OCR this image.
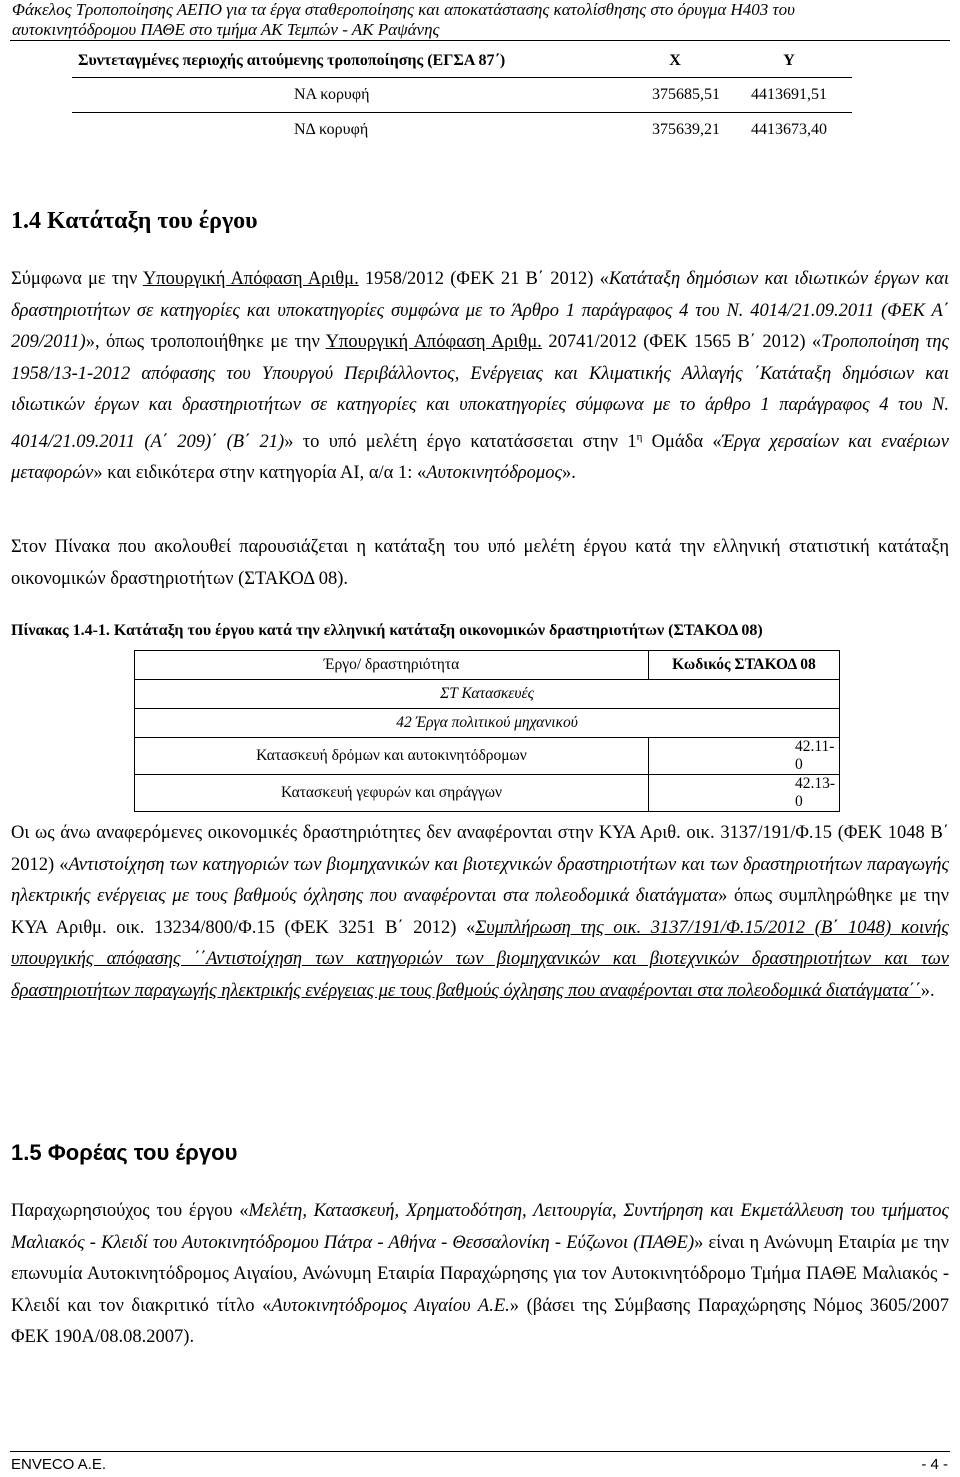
Φάκελος Τροποποίησης ΑΕΠΟ για τα έργα σταθεροποίησης και αποκατάστασης κατολίσθησης στο όρυγμα Η403 του
αυτοκινητόδρομου ΠΑΘΕ στο τμήμα ΑΚ Τεμπών - ΑΚ Ραψάνης
Συντεταγμένες περιοχής αιτούμενης τροποποίησης (ΕΓΣΑ 87΄)	X	Y
ΝΑ κορυφή	375685,51	4413691,51
ΝΔ κορυφή	375639,21	4413673,40
1.4 Κατάταξη του έργου
Σύμφωνα με την Υπουργική Απόφαση Αριθμ. 1958/2012 (ΦΕΚ 21 Β΄ 2012) «Κατάταξη δημόσιων και ιδιωτικών έργων και δραστηριοτήτων σε κατηγορίες και υποκατηγορίες συμφώνα με το Άρθρο 1 παράγραφος 4 του Ν. 4014/21.09.2011 (ΦΕΚ Α΄ 209/2011)», όπως τροποποιήθηκε με την Υπουργική Απόφαση Αριθμ. 20741/2012 (ΦΕΚ 1565 Β΄ 2012) «Τροποποίηση της 1958/13-1-2012 απόφασης του Υπουργού Περιβάλλοντος, Ενέργειας και Κλιματικής Αλλαγής ΄Κατάταξη δημόσιων και ιδιωτικών έργων και δραστηριοτήτων σε κατηγορίες και υποκατηγορίες σύμφωνα με το άρθρο 1 παράγραφος 4 του Ν. 4014/21.09.2011 (Α΄ 209)΄ (Β΄ 21)» το υπό μελέτη έργο κατατάσσεται στην $1^\eta$ Ομάδα «Έργα χερσαίων και εναέριων μεταφορών» και ειδικότερα στην κατηγορία ΑΙ, α/α 1: «Αυτοκινητόδρομος».
Στον Πίνακα που ακολουθεί παρουσιάζεται η κατάταξη του υπό μελέτη έργου κατά την ελληνική στατιστική κατάταξη οικονομικών δραστηριοτήτων (ΣΤΑΚΟΔ 08).
Πίνακας 1.4-1. Κατάταξη του έργου κατά την ελληνική κατάταξη οικονομικών δραστηριοτήτων (ΣΤΑΚΟΔ 08)
Έργο/ δραστηριότητα	Κωδικός ΣΤΑΚΟΔ 08
ΣΤ Κατασκευές	
42 Έργα πολιτικού μηχανικού	
Κατασκευή δρόμων και αυτοκινητόδρομων	42.11-0
Κατασκευή γεφυρών και σηράγγων	42.13-0
Οι ως άνω αναφερόμενες οικονομικές δραστηριότητες δεν αναφέρονται στην ΚΥΑ Αριθ. οικ. 3137/191/Φ.15 (ΦΕΚ 1048 Β΄ 2012) «Αντιστοίχηση των κατηγοριών των βιομηχανικών και βιοτεχνικών δραστηριοτήτων και των δραστηριοτήτων παραγωγής ηλεκτρικής ενέργειας με τους βαθμούς όχλησης που αναφέρονται στα πολεοδομικά διατάγματα» όπως συμπληρώθηκε με την ΚΥΑ Αριθμ. οικ. 13234/800/Φ.15 (ΦΕΚ 3251 Β΄ 2012) «Συμπλήρωση της οικ. 3137/191/Φ.15/2012 (Β΄ 1048) κοινής υπουργικής απόφασης ΄΄Αντιστοίχηση των κατηγοριών των βιομηχανικών και βιοτεχνικών δραστηριοτήτων και των δραστηριοτήτων παραγωγής ηλεκτρικής ενέργειας με τους βαθμούς όχλησης που αναφέρονται στα πολεοδομικά διατάγματα΄΄».
1.5 Φορέας του έργου
Παραχωρησιούχος του έργου «Μελέτη, Κατασκευή, Χρηματοδότηση, Λειτουργία, Συντήρηση και Εκμετάλλευση του τμήματος Μαλιακός - Κλειδί του Αυτοκινητόδρομου Πάτρα - Αθήνα - Θεσσαλονίκη - Εύζωνοι (ΠΑΘΕ)» είναι η Ανώνυμη Εταιρία με την επωνυμία Αυτοκινητόδρομος Αιγαίου, Ανώνυμη Εταιρία Παραχώρησης για τον Αυτοκινητόδρομο Τμήμα ΠΑΘΕ Μαλιακός - Κλειδί και τον διακριτικό τίτλο «Αυτοκινητόδρομος Αιγαίου Α.Ε.» (βάσει της Σύμβασης Παραχώρησης Νόμος 3605/2007 ΦΕΚ 190Α/08.08.2007).
ENVECO A.E.	- 4 -
